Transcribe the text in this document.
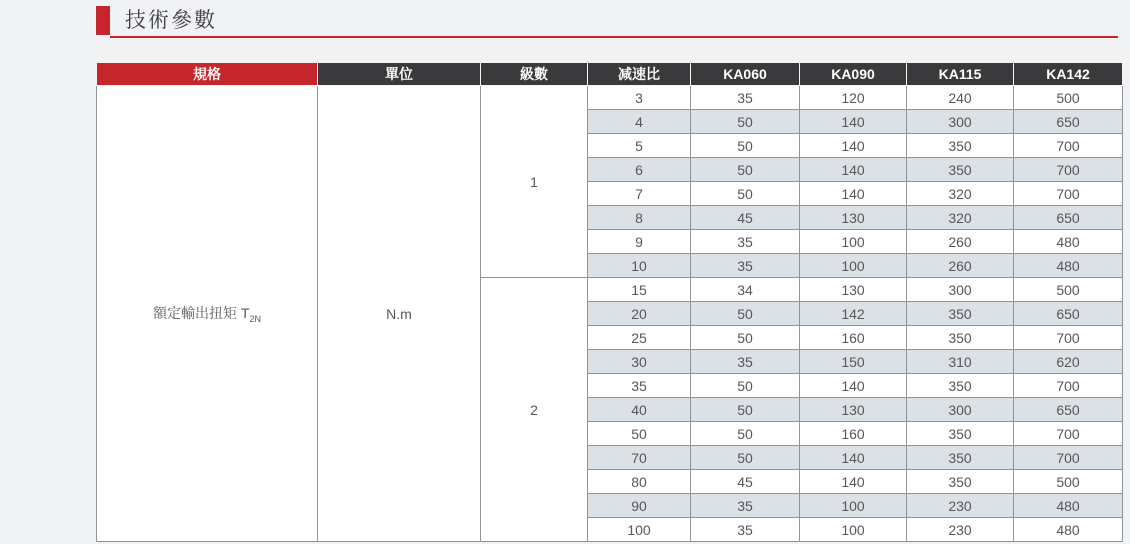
技術參數
規格	單位	級數	减速比	KA060	KA090	KA115	KA142
額定輸出扭矩 $T_{2N}$	N.m	1	3	35	120	240	500
			4	50	140	300	650
			5	50	140	350	700
			6	50	140	350	700
			7	50	140	320	700
			8	45	130	320	650
			9	35	100	260	480
			10	35	100	260	480
		2	15	34	130	300	500
			20	50	142	350	650
			25	50	160	350	700
			30	35	150	310	620
			35	50	140	350	700
			40	50	130	300	650
			50	50	160	350	700
			70	50	140	350	700
			80	45	140	350	500
			90	35	100	230	480
			100	35	100	230	480
